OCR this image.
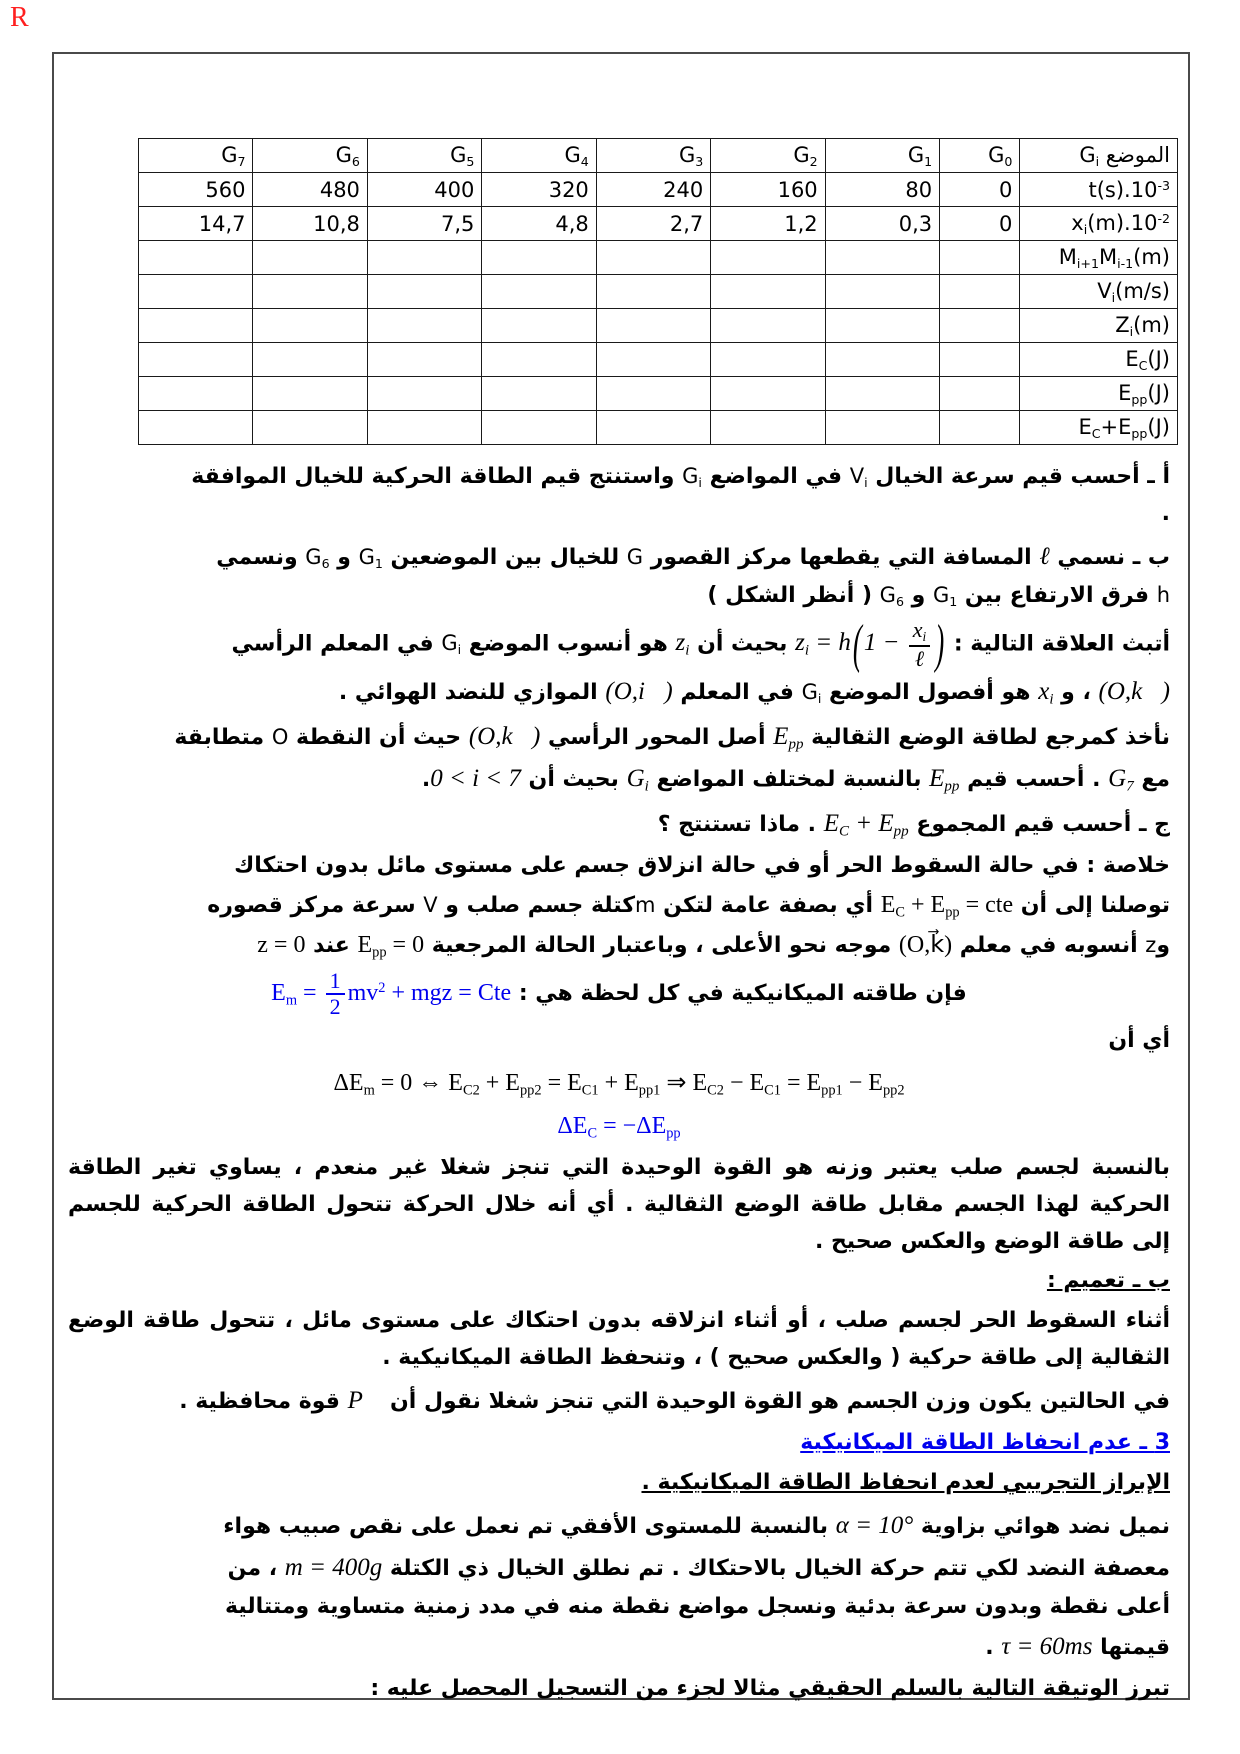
R
الموضع $G_i$	$G_0$	$G_1$	$G_2$	$G_3$	$G_4$	$G_5$	$G_6$	$G_7$
$t(s).10^{-3}$	0	80	160	240	320	400	480	560
$x_i(m).10^{-2}$	0	0,3	1,2	2,7	4,8	7,5	10,8	14,7
$M_{i+1}M_{i-1}(m)$								
$V_i(m/s)$								
$Z_i(m)$								
$E_C(J)$								
$E_{pp}(J)$								
$E_C+E_{pp}(J)$								
أ ـ أحسب قيم سرعة الخيال $V_i$ في المواضع $G_i$ واستنتج قيم الطاقة الحركية للخيال الموافقة
.
ب ـ نسمي ℓ المسافة التي يقطعها مركز القصور G للخيال بين الموضعين $G_1$ و $G_6$ ونسمي
h فرق الارتفاع بين $G_1$ و $G_6$ ( أنظر الشكل )
أتبث العلاقة التالية : $z_i = h(1 - \frac{x_i}{\text{ℓ}}$ ) بحيث أن $z_i$ هو أنسوب الموضع $G_i$ في المعلم الرأسي
(O,k⃗) ، و $x_i$ هو أفصول الموضع $G_i$ في المعلم (O,i⃗) الموازي للنضد الهوائي .
نأخذ كمرجع لطاقة الوضع الثقالية $E_{pp}$ أصل المحور الرأسي (O,k⃗) حيث أن النقطة O متطابقة
مع $G_7$ . أحسب قيم $E_{pp}$ بالنسبة لمختلف المواضع $G_i$ بحيث أن 0 < i < 7.
ج ـ أحسب قيم المجموع $E_C + E_{pp}$ . ماذا تستنتج ؟
خلاصة : في حالة السقوط الحر أو في حالة انزلاق جسم على مستوى مائل بدون احتكاك
توصلنا إلى أن $E_C + E_{pp}$ = cte أي بصفة عامة لتكن mكتلة جسم صلب و V سرعة مركز قصوره
وz أنسوبه في معلم (O,k⃗) موجه نحو الأعلى ، وباعتبار الحالة المرجعية $E_{pp} = 0$ عند z = 0
فإن طاقته الميكانيكية في كل لحظة هي : $E_m = \frac{1}{2} mv^2$ + mgz = Cte
أي أن
$\Delta E_m = 0$ ⇔ $E_{C2} + E_{pp2} = E_{C1} + E_{pp1}$ ⇒ $E_{C2} - E_{C1} = E_{pp1} - E_{pp2}$
$\Delta E_C = -\Delta E_{pp}$
بالنسبة لجسم صلب يعتبر وزنه هو القوة الوحيدة التي تنجز شغلا غير منعدم ، يساوي تغير الطاقة الحركية لهذا الجسم مقابل طاقة الوضع الثقالية . أي أنه خلال الحركة تتحول الطاقة الحركية للجسم إلى طاقة الوضع والعكس صحيح .
ب ـ تعميم :
أثناء السقوط الحر لجسم صلب ، أو أثناء انزلاقه بدون احتكاك على مستوى مائل ، تتحول طاقة الوضع الثقالية إلى طاقة حركية ( والعكس صحيح ) ، وتنحفظ الطاقة الميكانيكية .
في الحالتين يكون وزن الجسم هو القوة الوحيدة التي تنجز شغلا نقول أن P⃗ قوة محافظية .
3 ـ عدم انحفاظ الطاقة الميكانيكية
الإبراز التجريبي لعدم انحفاظ الطاقة الميكانيكية .
نميل نضد هوائي بزاوية α = 10° بالنسبة للمستوى الأفقي تم نعمل على نقص صبيب هواء
معصفة النضد لكي تتم حركة الخيال بالاحتكاك . تم نطلق الخيال ذي الكتلة m = 400g ، من
أعلى نقطة وبدون سرعة بدئية ونسجل مواضع نقطة منه في مدد زمنية متساوية ومتتالية
قيمتها τ = 60ms .
تبرز الوتيقة التالية بالسلم الحقيقي مثالا لجزء من التسجيل المحصل عليه :
